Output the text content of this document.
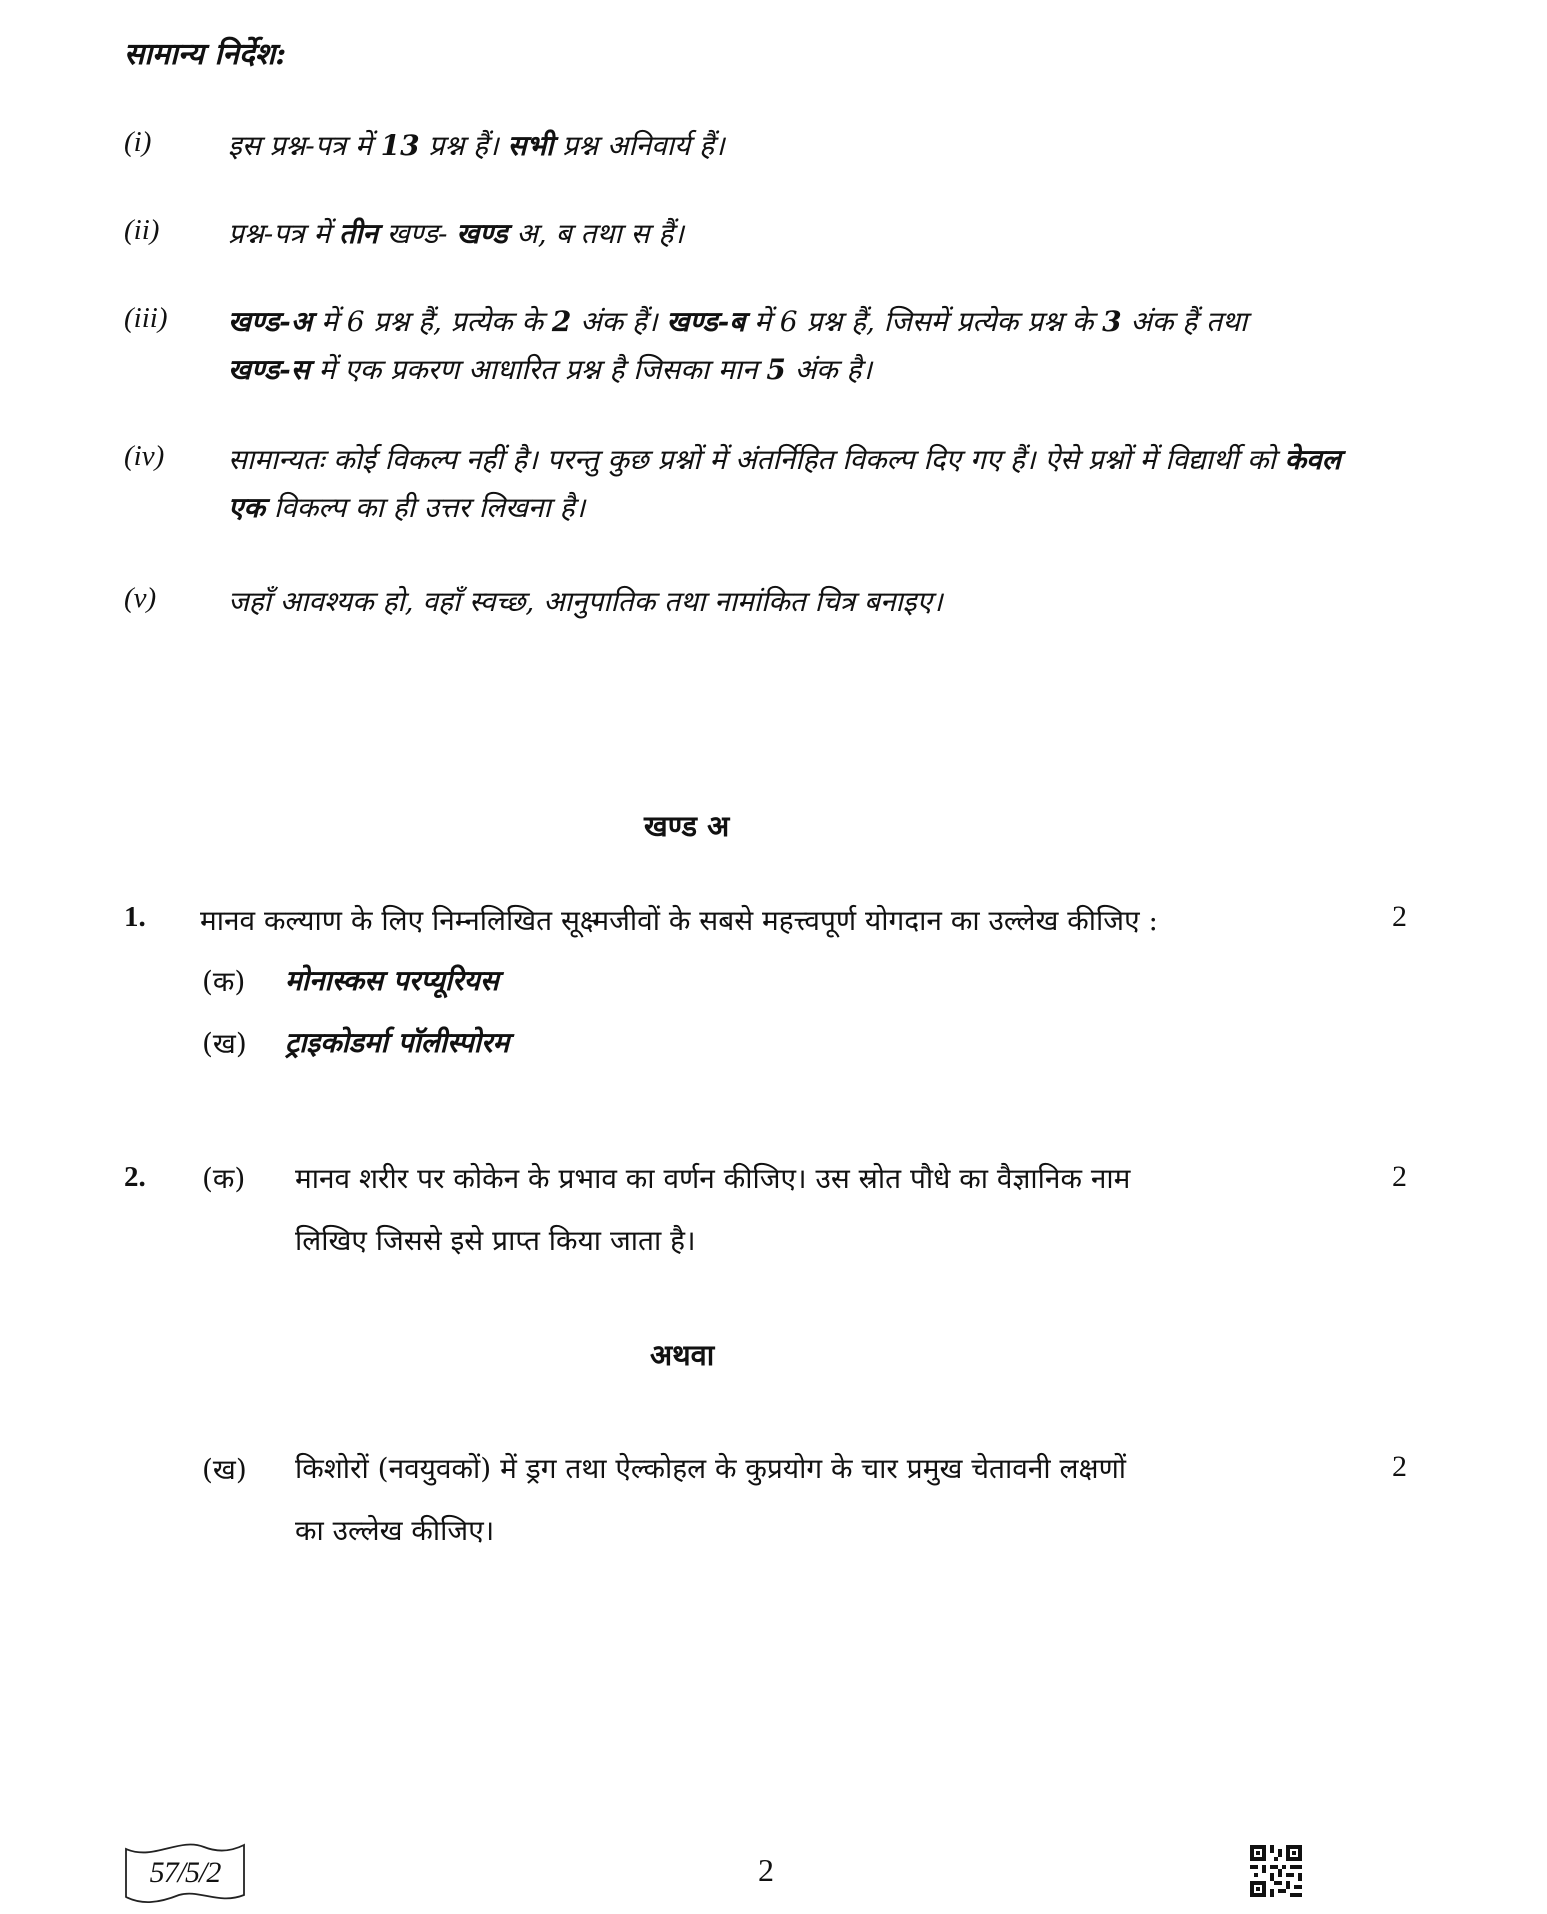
सामान्य निर्देश:
(i)	इस प्रश्न-पत्र में 13 प्रश्न हैं। सभी प्रश्न अनिवार्य हैं।
(ii) प्रश्न-पत्र में तीन खण्ड- खण्ड अ, ब तथा स हैं।
(iii) खण्ड-अ में 6 प्रश्न हैं, प्रत्येक के 2 अंक हैं। खण्ड-ब में 6 प्रश्न हैं, जिसमें प्रत्येक प्रश्न के 3 अंक हैं तथा
खण्ड-स में एक प्रकरण आधारित प्रश्न है जिसका मान 5 अंक है।
(iv) सामान्यतः कोई विकल्प नहीं है। परन्तु कुछ प्रश्नों में अंतर्निहित विकल्प दिए गए हैं। ऐसे प्रश्नों में विद्यार्थी को केवल
एक विकल्प का ही उत्तर लिखना है।
(v)	जहाँ आवश्यक हो, वहाँ स्वच्छ, आनुपातिक तथा नामांकित चित्र बनाइए।
खण्ड अ
1. मानव कल्याण के लिए निम्नलिखित सूक्ष्मजीवों के सबसे महत्त्वपूर्ण योगदान का उल्लेख कीजिए :	2
(क) मोनास्कस परप्यूरियस
(ख) ट्राइकोडर्मा पॉलीस्पोरम
2. (क) मानव शरीर पर कोकेन के प्रभाव का वर्णन कीजिए। उस स्रोत पौधे का वैज्ञानिक नाम
लिखिए जिससे इसे प्राप्त किया जाता है।
2
अथवा
(ख) किशोरों (नवयुवकों) में ड्रग तथा ऐल्कोहल के कुप्रयोग के चार प्रमुख चेतावनी लक्षणों
का उल्लेख कीजिए।
2
57/5/2	2
